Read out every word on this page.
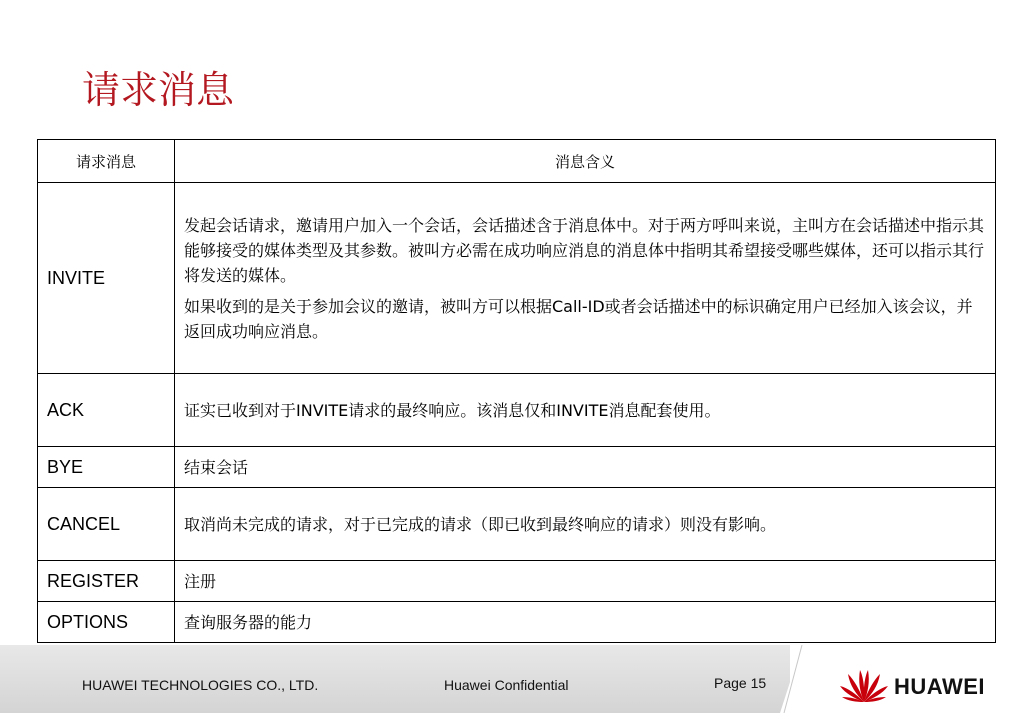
请求消息
请求消息	消息含义
INVITE	发起会话请求，邀请用户加入一个会话，会话描述含于消息体中。对于两方呼叫来说，主叫方在会话描述中指示其能够接受的媒体类型及其参数。被叫方必需在成功响应消息的消息体中指明其希望接受哪些媒体，还可以指示其行将发送的媒体。

如果收到的是关于参加会议的邀请，被叫方可以根据Call-ID或者会话描述中的标识确定用户已经加入该会议，并返回成功响应消息。

ACK	证实已收到对于INVITE请求的最终响应。该消息仅和INVITE消息配套使用。
BYE	结束会话
CANCEL	取消尚未完成的请求，对于已完成的请求（即已收到最终响应的请求）则没有影响。
REGISTER	注册
OPTIONS	查询服务器的能力
HUAWEI TECHNOLOGIES CO., LTD.	Huawei Confidential	Page 15	HUAWEI
